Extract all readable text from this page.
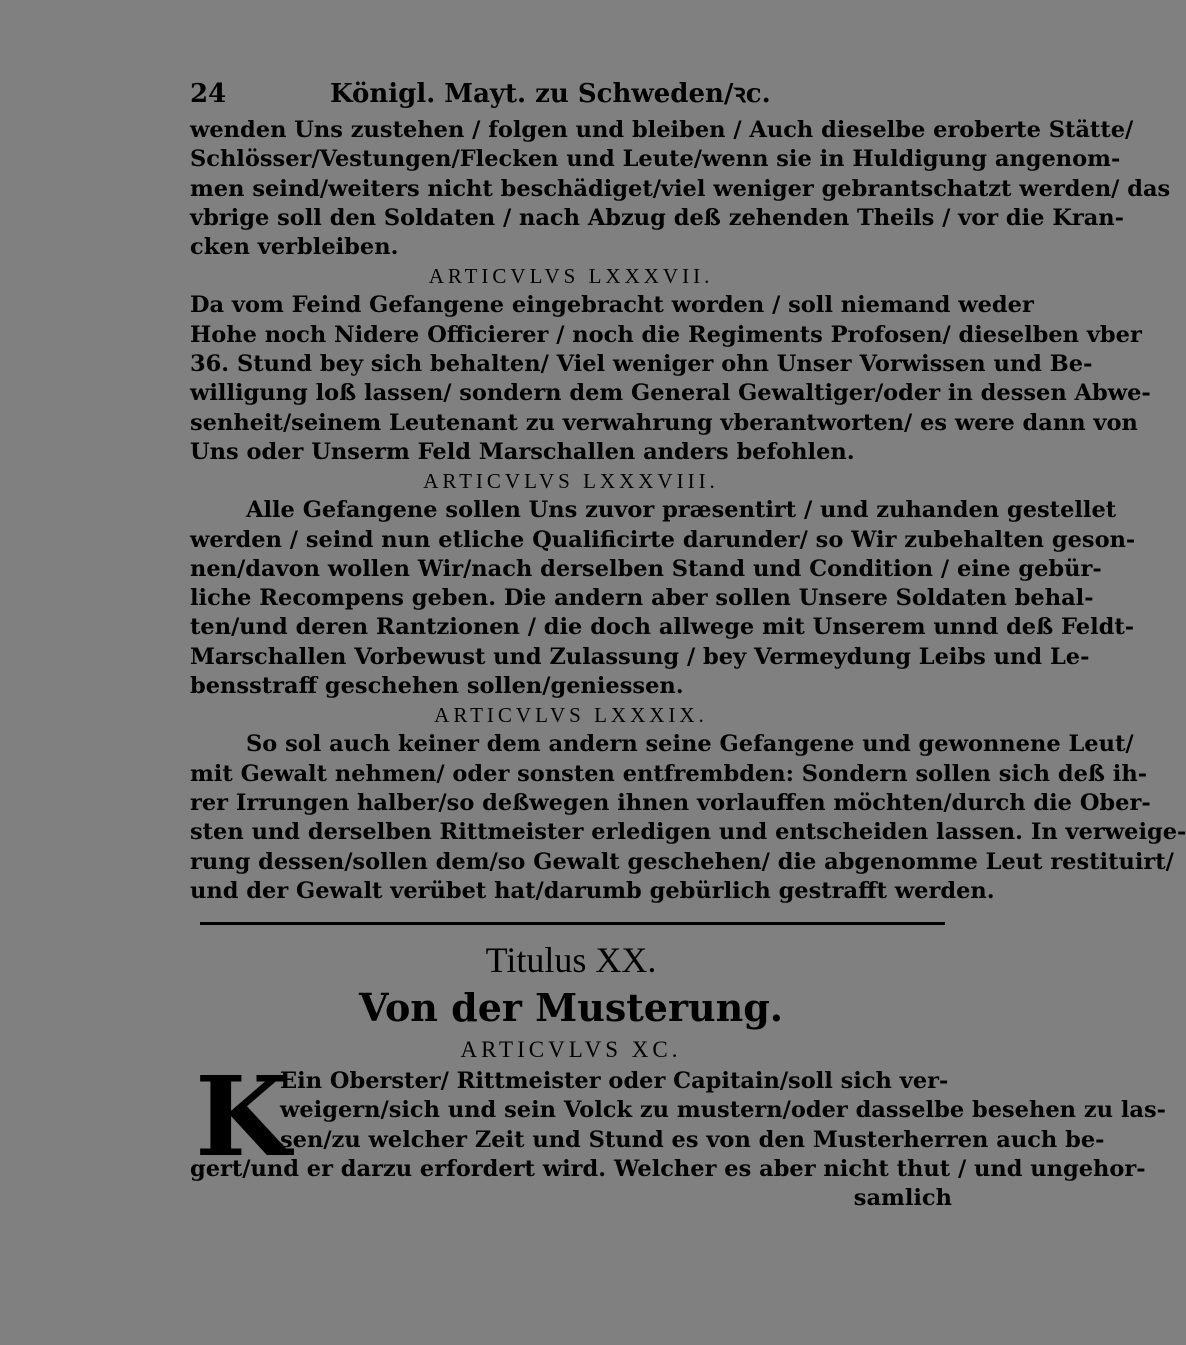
24	Königl. Mayt. zu Schweden/ꝛc.

wenden Uns zustehen / folgen und bleiben / Auch dieselbe eroberte Stätte/
Schlösser/Vestungen/Flecken und Leute/wenn sie in Huldigung angenom-
men seind/weiters nicht beschädiget/viel weniger gebrantschatzt werden/ das
vbrige soll den Soldaten / nach Abzug deß zehenden Theils / vor die Kran-
cken verbleiben.

ARTICVLVS LXXXVII.

Da vom Feind Gefangene eingebracht worden / soll niemand weder
Hohe noch Nidere Officierer / noch die Regiments Profosen/ dieselben vber
36. Stund bey sich behalten/ Viel weniger ohn Unser Vorwissen und Be-
willigung loß lassen/ sondern dem General Gewaltiger/oder in dessen Abwe-
senheit/seinem Leutenant zu verwahrung vberantworten/ es were dann von
Uns oder Unserm Feld Marschallen anders befohlen.

ARTICVLVS LXXXVIII.

Alle Gefangene sollen Uns zuvor præsentirt / und zuhanden gestellet
werden / seind nun etliche Qualificirte darunder/ so Wir zubehalten geson-
nen/davon wollen Wir/nach derselben Stand und Condition / eine gebür-
liche Recompens geben. Die andern aber sollen Unsere Soldaten behal-
ten/und deren Rantzionen / die doch allwege mit Unserem unnd deß Feldt-
Marschallen Vorbewust und Zulassung / bey Vermeydung Leibs und Le-
bensstraff geschehen sollen/geniessen.

ARTICVLVS LXXXIX.

So sol auch keiner dem andern seine Gefangene und gewonnene Leut/
mit Gewalt nehmen/ oder sonsten entfrembden: Sondern sollen sich deß ih-
rer Irrungen halber/so deßwegen ihnen vorlauffen möchten/durch die Ober-
sten und derselben Rittmeister erledigen und entscheiden lassen. In verweige-
rung dessen/sollen dem/so Gewalt geschehen/ die abgenomme Leut restituirt/
und der Gewalt verübet hat/darumb gebürlich gestrafft werden.

Titulus XX.
Von der Musterung.
ARTICVLVS XC.
K

Ein Oberster/ Rittmeister oder Capitain/soll sich ver-
weigern/sich und sein Volck zu mustern/oder dasselbe besehen zu las-
sen/zu welcher Zeit und Stund es von den Musterherren auch be-
gert/und er darzu erfordert wird. Welcher es aber nicht thut / und ungehor-
samlich
